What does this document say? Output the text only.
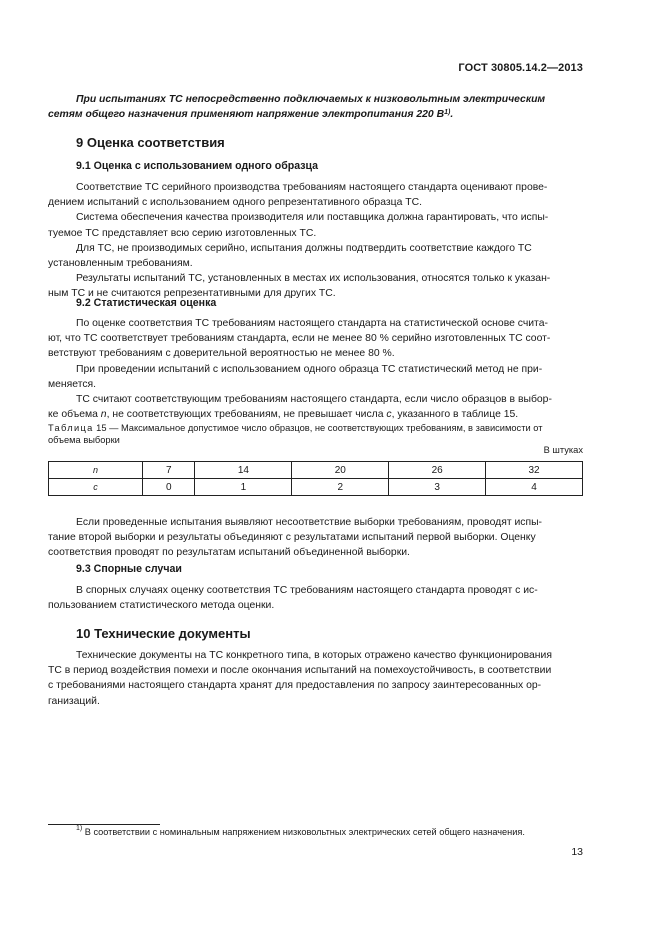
ГОСТ 30805.14.2—2013

При испытаниях ТС непосредственно подключаемых к низковольтным электрическим

сетям общего назначения применяют напряжение электропитания 220 $В^{1)}$.

9 Оценка соответствия
9.1 Оценка с использованием одного образца

Соответствие ТС серийного производства требованиям настоящего стандарта оценивают прове-

дением испытаний с использованием одного репрезентативного образца ТС.

Система обеспечения качества производителя или поставщика должна гарантировать, что испы-

туемое ТС представляет всю серию изготовленных ТС.

Для ТС, не производимых серийно, испытания должны подтвердить соответствие каждого ТС

установленным требованиям.

Результаты испытаний ТС, установленных в местах их использования, относятся только к указан-

ным ТС и не считаются репрезентативными для других ТС.

9.2 Статистическая оценка

По оценке соответствия ТС требованиям настоящего стандарта на статистической основе счита-

ют, что ТС соответствует требованиям стандарта, если не менее 80 % серийно изготовленных ТС соот-

ветствуют требованиям с доверительной вероятностью не менее 80 %.

При проведении испытаний с использованием одного образца ТС статистический метод не при-

меняется.

ТС считают соответствующим требованиям настоящего стандарта, если число образцов в выбор-

ке объема n, не соответствующих требованиям, не превышает числа c, указанного в таблице 15.

Таблица 15 — Максимальное допустимое число образцов, не соответствующих требованиям, в зависимости от
объема выборки
В штуках
n	7	14	20	26	32
c	0	1	2	3	4

Если проведенные испытания выявляют несоответствие выборки требованиям, проводят испы-

тание второй выборки и результаты объединяют с результатами испытаний первой выборки. Оценку

соответствия проводят по результатам испытаний объединенной выборки.

9.3 Спорные случаи

В спорных случаях оценку соответствия ТС требованиям настоящего стандарта проводят с ис-

пользованием статистического метода оценки.

10 Технические документы

Технические документы на ТС конкретного типа, в которых отражено качество функционирования

ТС в период воздействия помехи и после окончания испытаний на помехоустойчивость, в соответствии

с требованиями настоящего стандарта хранят для предоставления по запросу заинтересованных ор-

ганизаций.

$^{1)}$ В соответствии с номинальным напряжением низковольтных электрических сетей общего назначения.
13
